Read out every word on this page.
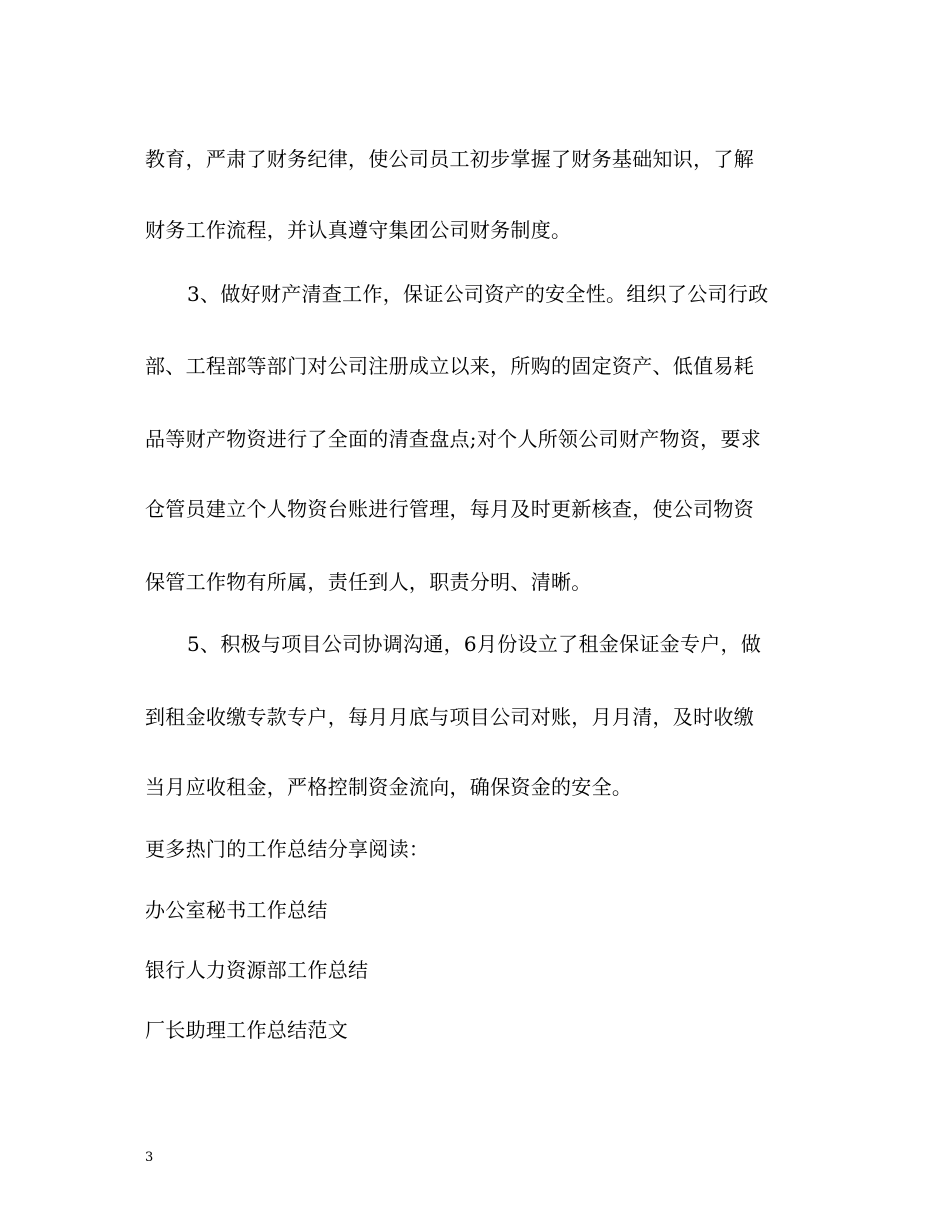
教育，严肃了财务纪律，使公司员工初步掌握了财务基础知识，了解
财务工作流程，并认真遵守集团公司财务制度。
3、做好财产清查工作，保证公司资产的安全性。组织了公司行政
部、工程部等部门对公司注册成立以来，所购的固定资产、低值易耗
品等财产物资进行了全面的清查盘点;对个人所领公司财产物资，要求
仓管员建立个人物资台账进行管理，每月及时更新核查，使公司物资
保管工作物有所属，责任到人，职责分明、清晰。
5、积极与项目公司协调沟通，6月份设立了租金保证金专户，做
到租金收缴专款专户，每月月底与项目公司对账，月月清，及时收缴
当月应收租金，严格控制资金流向，确保资金的安全。
更多热门的工作总结分享阅读：
办公室秘书工作总结
银行人力资源部工作总结
厂长助理工作总结范文
3
